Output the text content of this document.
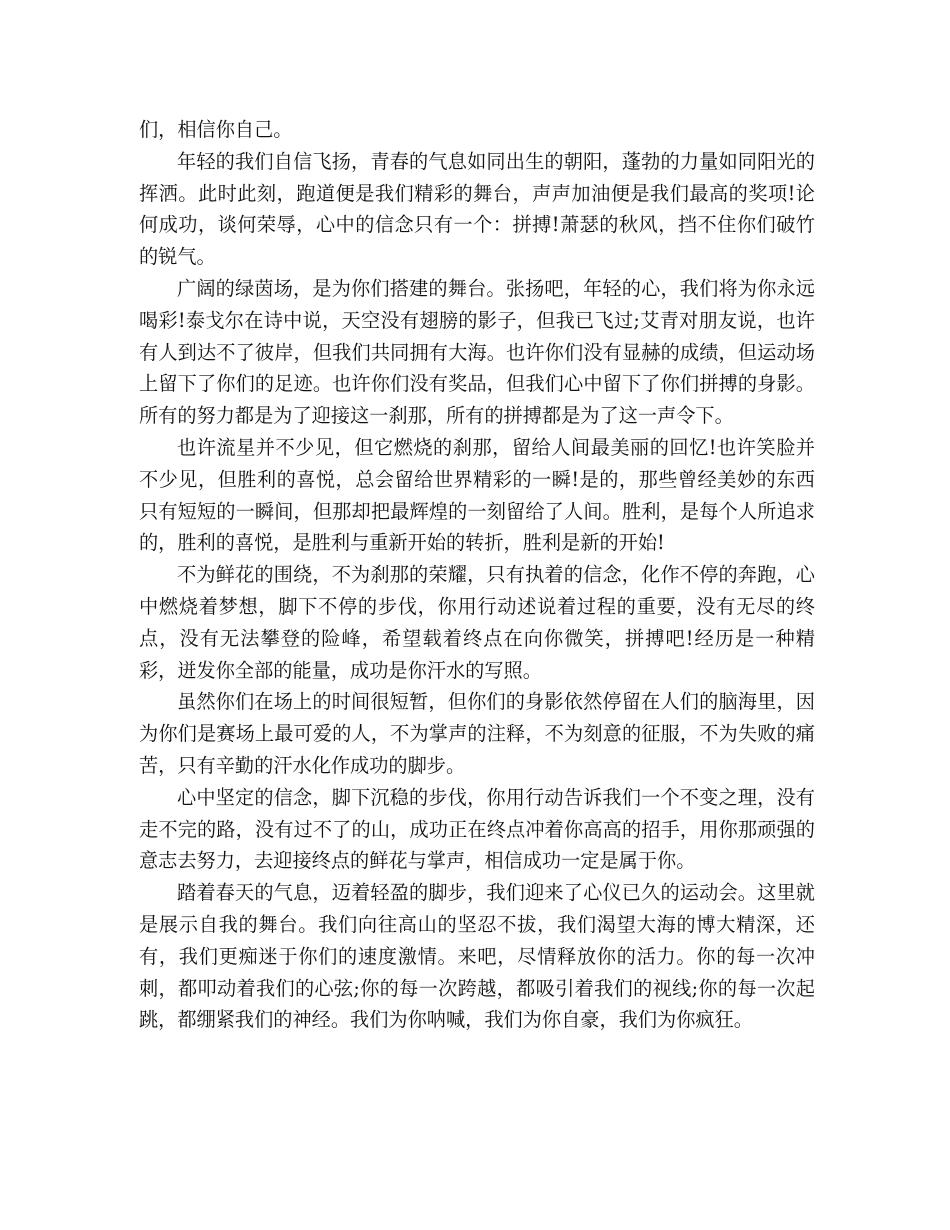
们，相信你自己。

年轻的我们自信飞扬，青春的气息如同出生的朝阳，蓬勃的力量如同阳光的挥洒。此时此刻，跑道便是我们精彩的舞台，声声加油便是我们最高的奖项!论何成功，谈何荣辱，心中的信念只有一个：拼搏!萧瑟的秋风，挡不住你们破竹的锐气。

广阔的绿茵场，是为你们搭建的舞台。张扬吧，年轻的心，我们将为你永远喝彩!泰戈尔在诗中说，天空没有翅膀的影子，但我已飞过;艾青对朋友说，也许有人到达不了彼岸，但我们共同拥有大海。也许你们没有显赫的成绩，但运动场上留下了你们的足迹。也许你们没有奖品，但我们心中留下了你们拼搏的身影。所有的努力都是为了迎接这一刹那，所有的拼搏都是为了这一声令下。

也许流星并不少见，但它燃烧的刹那，留给人间最美丽的回忆!也许笑脸并不少见，但胜利的喜悦，总会留给世界精彩的一瞬!是的，那些曾经美妙的东西只有短短的一瞬间，但那却把最辉煌的一刻留给了人间。胜利，是每个人所追求的，胜利的喜悦，是胜利与重新开始的转折，胜利是新的开始!

不为鲜花的围绕，不为刹那的荣耀，只有执着的信念，化作不停的奔跑，心中燃烧着梦想，脚下不停的步伐，你用行动述说着过程的重要，没有无尽的终点，没有无法攀登的险峰，希望载着终点在向你微笑，拼搏吧!经历是一种精彩，迸发你全部的能量，成功是你汗水的写照。

虽然你们在场上的时间很短暂，但你们的身影依然停留在人们的脑海里，因为你们是赛场上最可爱的人，不为掌声的注释，不为刻意的征服，不为失败的痛苦，只有辛勤的汗水化作成功的脚步。

心中坚定的信念，脚下沉稳的步伐，你用行动告诉我们一个不变之理，没有走不完的路，没有过不了的山，成功正在终点冲着你高高的招手，用你那顽强的意志去努力，去迎接终点的鲜花与掌声，相信成功一定是属于你。

踏着春天的气息，迈着轻盈的脚步，我们迎来了心仪已久的运动会。这里就是展示自我的舞台。我们向往高山的坚忍不拔，我们渴望大海的博大精深，还有，我们更痴迷于你们的速度激情。来吧，尽情释放你的活力。你的每一次冲刺，都叩动着我们的心弦;你的每一次跨越，都吸引着我们的视线;你的每一次起跳，都绷紧我们的神经。我们为你呐喊，我们为你自豪，我们为你疯狂。
